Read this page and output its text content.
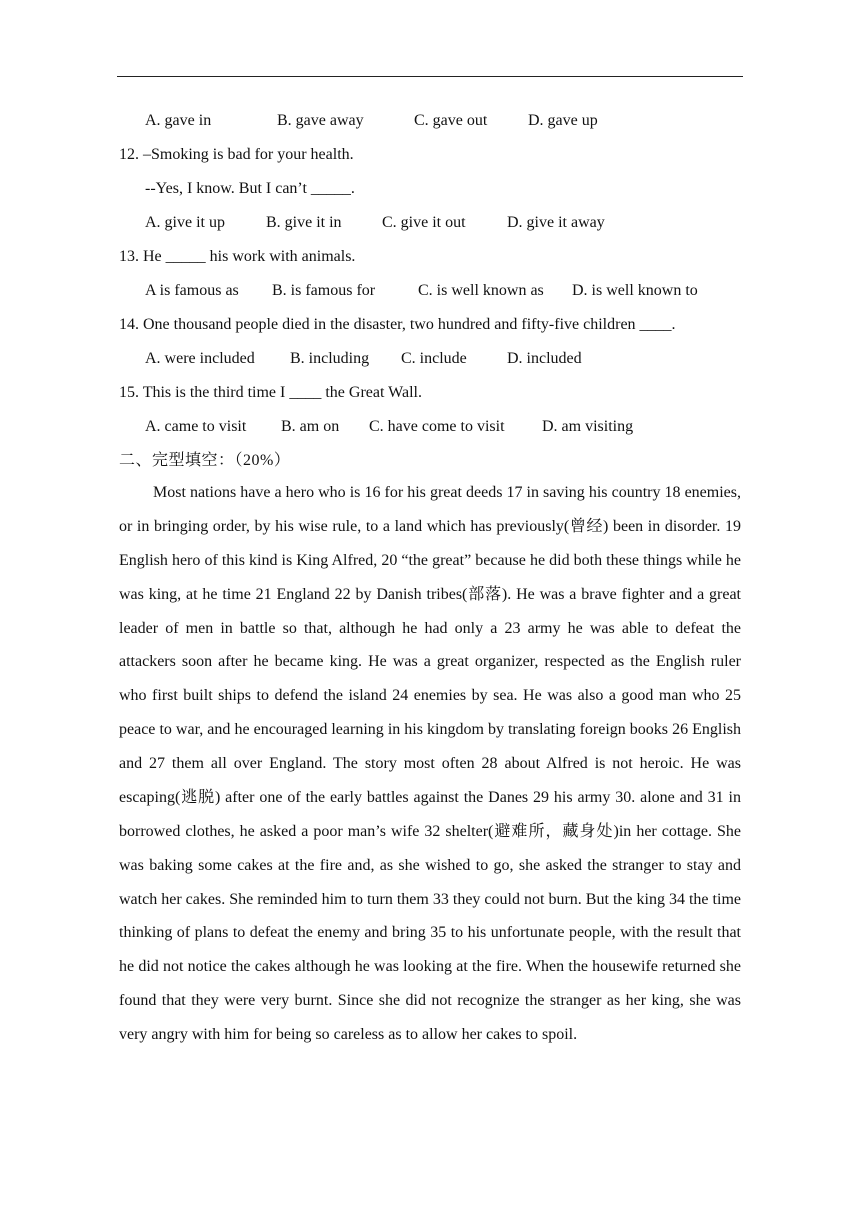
A. gave in	B. gave away	C. gave out	D. gave up
12. –Smoking is bad for your health.
--Yes, I know. But I can’t _____.
A. give it up	B. give it in	C. give it out	D. give it away
13. He _____ his work with animals.
A is famous as B. is famous for	C. is well known as D. is well known to
14. One thousand people died in the disaster, two hundred and fifty-five children ____.
A. were included B. including C. include	D. included
15. This is the third time I ____ the Great Wall.
A. came to visit B. am on C. have come to visit D. am visiting
二、完型填空：（20%）
Most nations have a hero who is 16 for his great deeds 17 in saving his country 18 enemies, or in bringing order, by his wise rule, to a land which has previously(曾经) been in disorder. 19 English hero of this kind is King Alfred, 20 “the great” because he did both these things while he was king, at he time 21 England 22 by Danish tribes(部落). He was a brave fighter and a great leader of men in battle so that, although he had only a 23 army he was able to defeat the attackers soon after he became king. He was a great organizer, respected as the English ruler who first built ships to defend the island 24 enemies by sea. He was also a good man who 25 peace to war, and he encouraged learning in his kingdom by translating foreign books 26 English and 27 them all over England. The story most often 28 about Alfred is not heroic. He was escaping(逃脱) after one of the early battles against the Danes 29 his army 30. alone and 31 in borrowed clothes, he asked a poor man’s wife 32 shelter(避难所，藏身处)in her cottage. She was baking some cakes at the fire and, as she wished to go, she asked the stranger to stay and watch her cakes. She reminded him to turn them 33 they could not burn. But the king 34 the time thinking of plans to defeat the enemy and bring 35 to his unfortunate people, with the result that he did not notice the cakes although he was looking at the fire. When the housewife returned she found that they were very burnt. Since she did not recognize the stranger as her king, she was very angry with him for being so careless as to allow her cakes to spoil.
